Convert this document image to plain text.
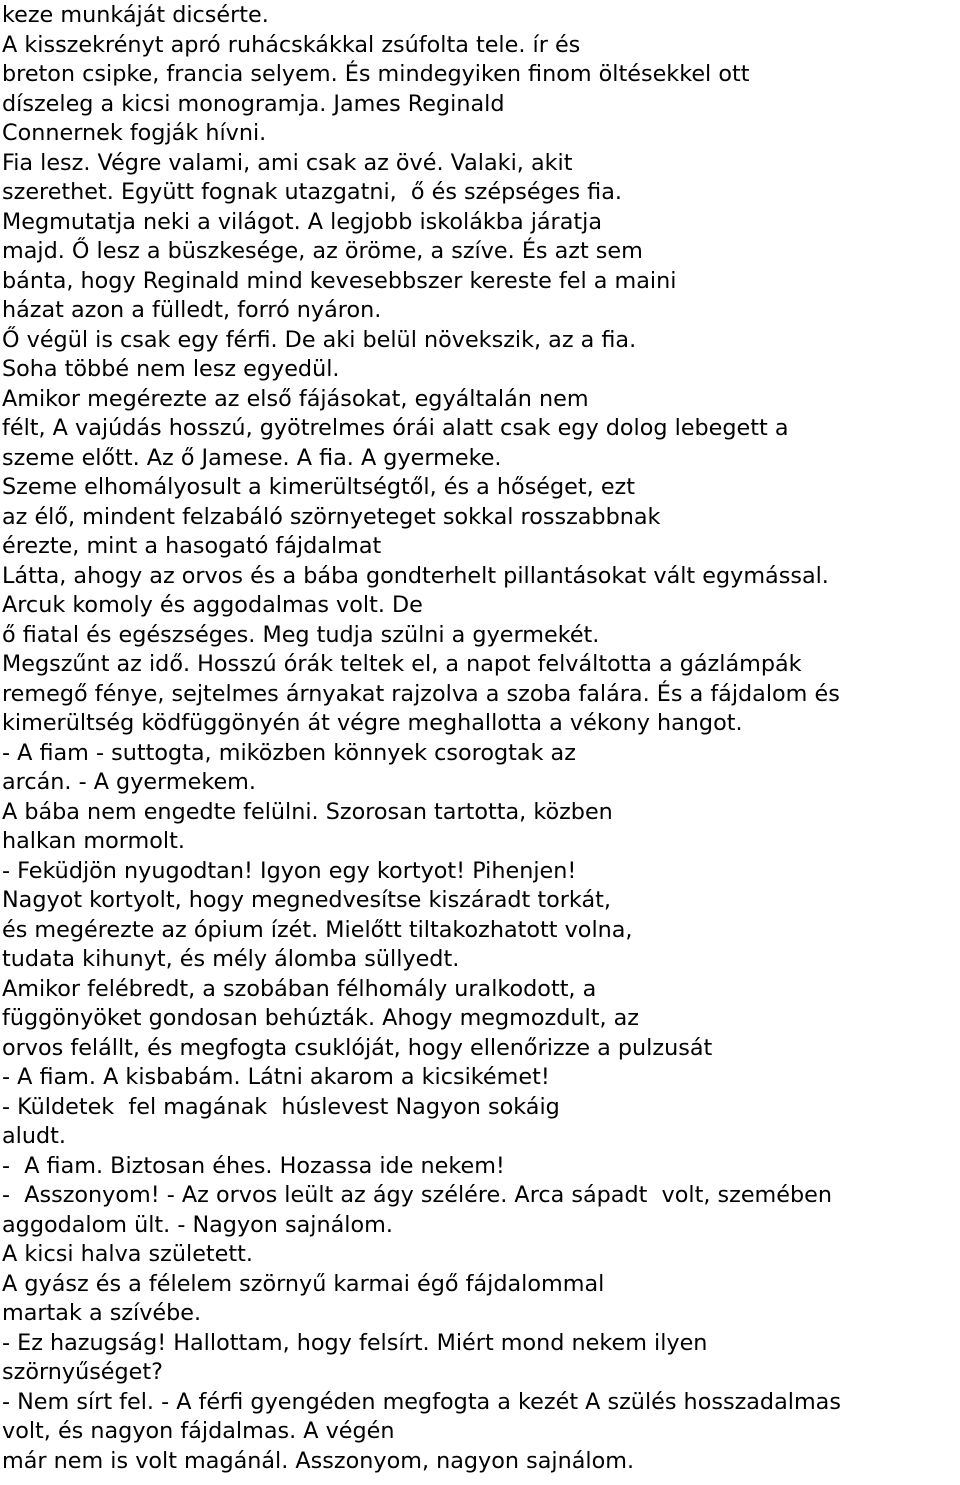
keze munkáját dicsérte.
A kisszekrényt apró ruhácskákkal zsúfolta tele. ír és
breton csipke, francia selyem. És mindegyiken finom öltésekkel ott
díszeleg a kicsi monogramja. James Reginald
Connernek fogják hívni.
Fia lesz. Végre valami, ami csak az övé. Valaki, akit
szerethet. Együtt fognak utazgatni,  ő és szépséges fia.
Megmutatja neki a világot. A legjobb iskolákba járatja
majd. Ő lesz a büszkesége, az öröme, a szíve. És azt sem
bánta, hogy Reginald mind kevesebbszer kereste fel a maini
házat azon a fülledt, forró nyáron.
Ő végül is csak egy férfi. De aki belül növekszik, az a fia.
Soha többé nem lesz egyedül.
Amikor megérezte az első fájásokat, egyáltalán nem
félt, A vajúdás hosszú, gyötrelmes órái alatt csak egy dolog lebegett a
szeme előtt. Az ő Jamese. A fia. A gyermeke.
Szeme elhomályosult a kimerültségtől, és a hőséget, ezt
az élő, mindent felzabáló szörnyeteget sokkal rosszabbnak
érezte, mint a hasogató fájdalmat
Látta, ahogy az orvos és a bába gondterhelt pillantásokat vált egymással.
Arcuk komoly és aggodalmas volt. De
ő fiatal és egészséges. Meg tudja szülni a gyermekét.
Megszűnt az idő. Hosszú órák teltek el, a napot felváltotta a gázlámpák
remegő fénye, sejtelmes árnyakat rajzolva a szoba falára. És a fájdalom és
kimerültség ködfüggönyén át végre meghallotta a vékony hangot.
- A fiam - suttogta, miközben könnyek csorogtak az
arcán. - A gyermekem.
A bába nem engedte felülni. Szorosan tartotta, közben
halkan mormolt.
- Feküdjön nyugodtan! Igyon egy kortyot! Pihenjen!
Nagyot kortyolt, hogy megnedvesítse kiszáradt torkát,
és megérezte az ópium ízét. Mielőtt tiltakozhatott volna,
tudata kihunyt, és mély álomba süllyedt.
Amikor felébredt, a szobában félhomály uralkodott, a
függönyöket gondosan behúzták. Ahogy megmozdult, az
orvos felállt, és megfogta csuklóját, hogy ellenőrizze a pulzusát
- A fiam. A kisbabám. Látni akarom a kicsikémet!
- Küldetek  fel magának  húslevest Nagyon sokáig
aludt.
-  A fiam. Biztosan éhes. Hozassa ide nekem!
-  Asszonyom! - Az orvos leült az ágy szélére. Arca sápadt  volt, szemében
aggodalom ült. - Nagyon sajnálom.
A kicsi halva született.
A gyász és a félelem szörnyű karmai égő fájdalommal
martak a szívébe.
- Ez hazugság! Hallottam, hogy felsírt. Miért mond nekem ilyen
szörnyűséget?
- Nem sírt fel. - A férfi gyengéden megfogta a kezét A szülés hosszadalmas
volt, és nagyon fájdalmas. A végén
már nem is volt magánál. Asszonyom, nagyon sajnálom.
